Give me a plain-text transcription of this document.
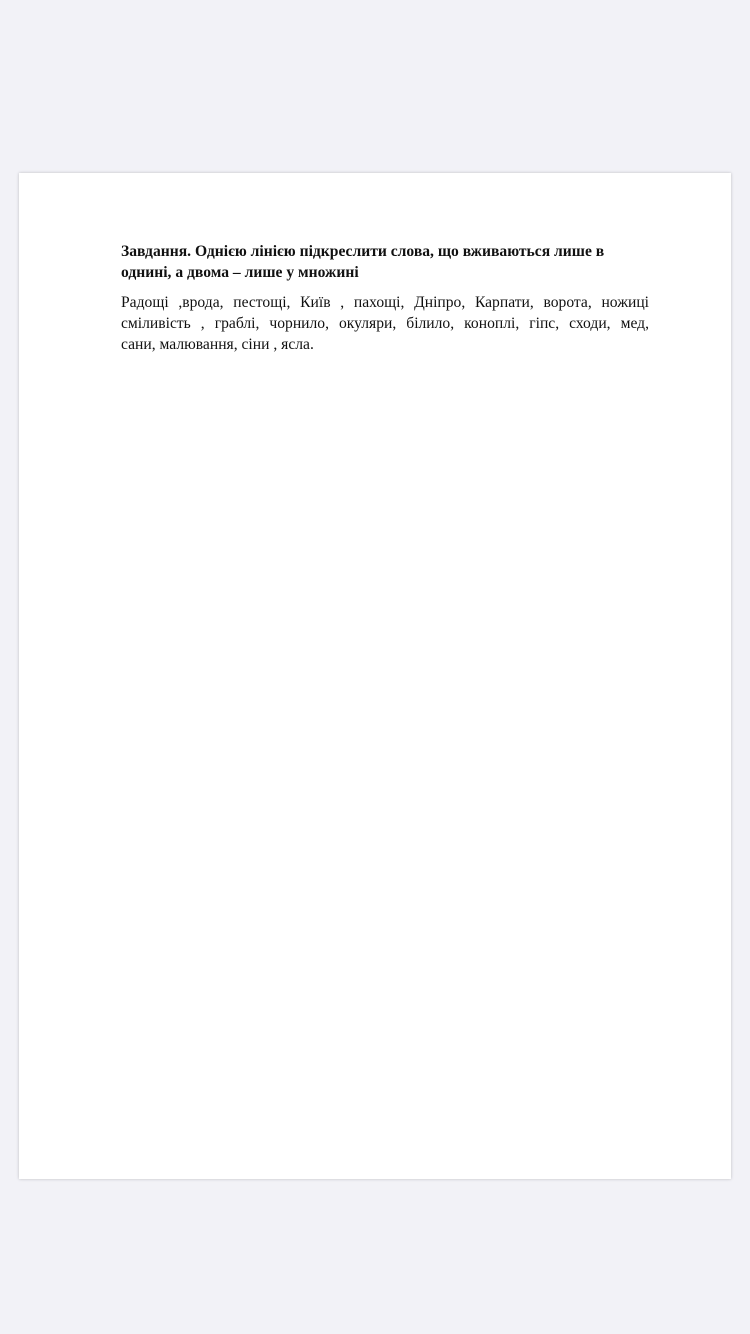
Завдання. Однією лінією підкреслити слова, що вживаються лише в
однині, а двома – лише у множині
Радощі ,врода, пестощі, Київ , пахощі, Дніпро, Карпати, ворота, ножиці
сміливість , граблі, чорнило, окуляри, білило, коноплі, гіпс, сходи, мед,
сани, малювання, сіни , ясла.
